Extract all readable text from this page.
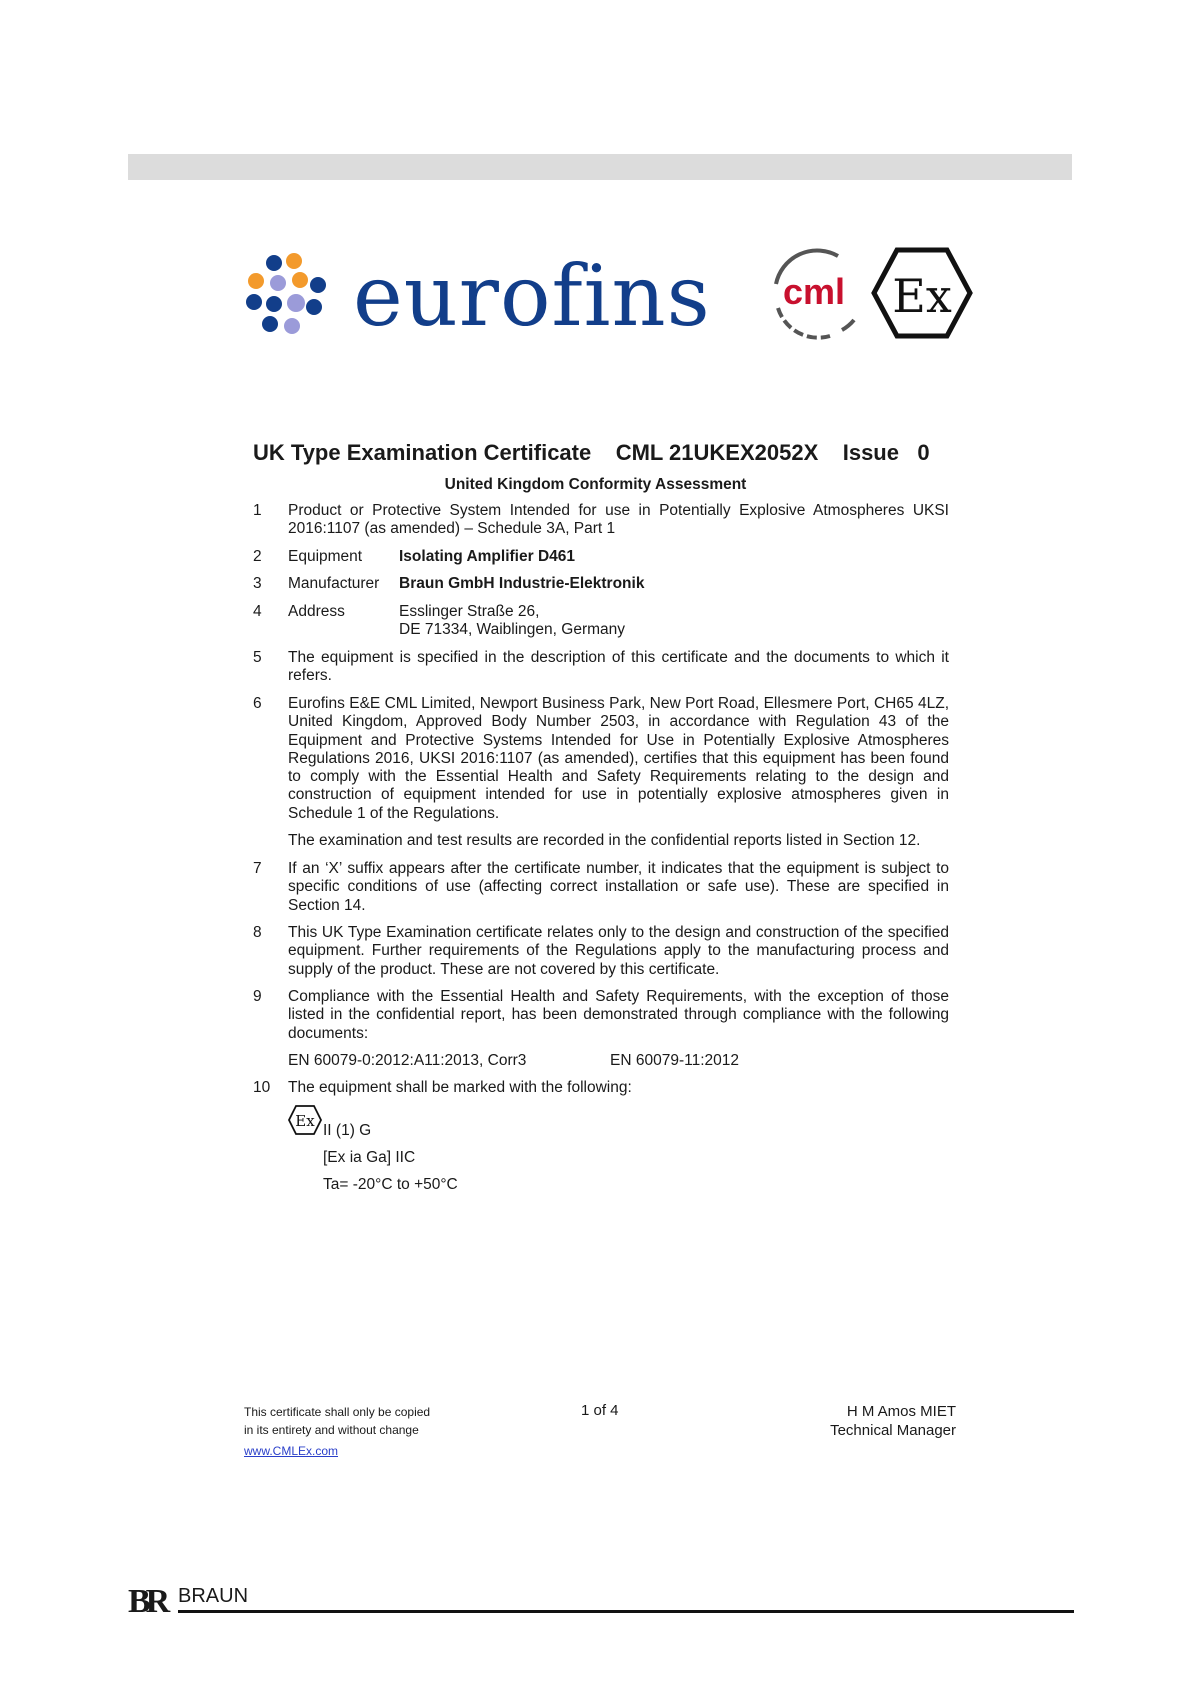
eurofins cml Ex
UK Type Examination Certificate CML 21UKEX2052X Issue 0
United Kingdom Conformity Assessment
1 Product or Protective System Intended for use in Potentially Explosive Atmospheres UKSI 2016:1107 (as amended) – Schedule 3A, Part 1
2 Equipment Isolating Amplifier D461
3 Manufacturer Braun GmbH Industrie-Elektronik
4 Address	Esslinger Straße 26,
DE 71334, Waiblingen, Germany
5 The equipment is specified in the description of this certificate and the documents to which it refers.
6 Eurofins E&E CML Limited, Newport Business Park, New Port Road, Ellesmere Port, CH65 4LZ, United Kingdom, Approved Body Number 2503, in accordance with Regulation 43 of the Equipment and Protective Systems Intended for Use in Potentially Explosive Atmospheres Regulations 2016, UKSI 2016:1107 (as amended), certifies that this equipment has been found to comply with the Essential Health and Safety Requirements relating to the design and construction of equipment intended for use in potentially explosive atmospheres given in Schedule 1 of the Regulations.
The examination and test results are recorded in the confidential reports listed in Section 12.
7 If an ‘X’ suffix appears after the certificate number, it indicates that the equipment is subject to specific conditions of use (affecting correct installation or safe use). These are specified in Section 14.
8 This UK Type Examination certificate relates only to the design and construction of the specified equipment. Further requirements of the Regulations apply to the manufacturing process and supply of the product. These are not covered by this certificate.
9 Compliance with the Essential Health and Safety Requirements, with the exception of those listed in the confidential report, has been demonstrated through compliance with the following documents:
EN 60079-0:2012:A11:2013, Corr3	EN 60079-11:2012
10 The equipment shall be marked with the following:
Ex
II (1) G
[Ex ia Ga] IIC
Ta= -20°C to +50°C
This certificate shall only be copied
in its entirety and without change
www.CMLEx.com
1 of 4	H M Amos MIET
Technical Manager
BR BRAUN
